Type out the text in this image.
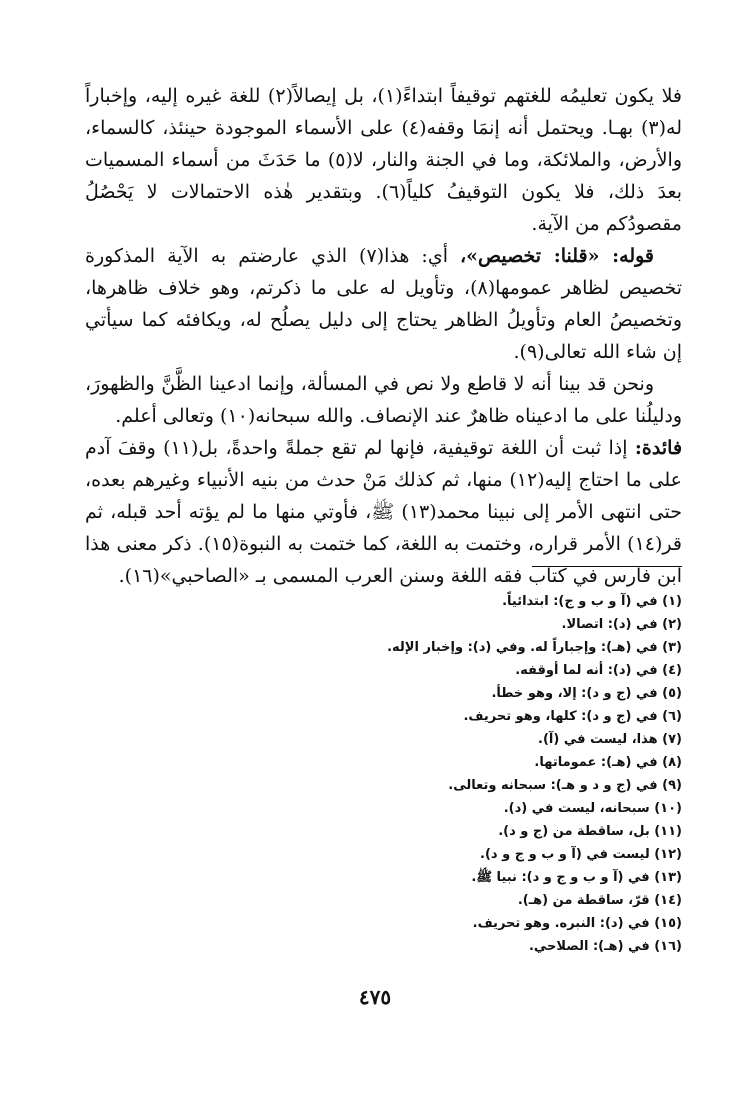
فلا يكون تعليمُه للغتهم توقيفاً ابتداءً(١)، بل إيصالاً(٢) للغة غيره إليه، وإخباراً له(٣) بهـا. ويحتمل أنه إنمَا وقفه(٤) على الأسماء الموجودة حينئذ، كالسماء، والأرض، والملائكة، وما في الجنة والنار، لا(٥) ما حَدَثَ من أسماء المسميات بعدَ ذلك، فلا يكون التوقيفُ كلياً(٦). وبتقدير هٰذه الاحتمالات لا يَحْصُلُ مقصودُكم من الآية.

قوله: «قلنا: تخصيص»، أي: هذا(٧) الذي عارضتم به الآية المذكورة تخصيص لظاهر عمومها(٨)، وتأويل له على ما ذكرتم، وهو خلاف ظاهرها، وتخصيصُ العام وتأويلُ الظاهر يحتاج إلى دليل يصلُح له، ويكافئه كما سيأتي إن شاء الله تعالى(٩).

ونحن قد بينا أنه لا قاطع ولا نص في المسألة، وإنما ادعينا الظَّنَّ والظهورَ، ودليلُنا على ما ادعيناه ظاهرٌ عند الإنصاف. والله سبحانه(١٠) وتعالى أعلم.

فائدة: إذا ثبت أن اللغة توقيفية، فإنها لم تقع جملةً واحدةً، بل(١١) وقفَ آدم على ما احتاج إليه(١٢) منها، ثم كذلك مَنْ حدث من بنيه الأنبياء وغيرهم بعده، حتى انتهى الأمر إلى نبينا محمد(١٣) ﷺ، فأوتي منها ما لم يؤته أحد قبله، ثم قر(١٤) الأمر قراره، وختمت به اللغة، كما ختمت به النبوة(١٥). ذكر معنى هذا ابن فارس في كتاب فقه اللغة وسنن العرب المسمى بـ «الصاحبي»(١٦).

(١) في (آ و ب و ج): ابتدائياً.
(٢) في (د): اتصالا.
(٣) في (هـ): وإجباراً له. وفي (د): وإخبار الإله.
(٤) في (د): أنه لما أوقفه.
(٥) في (ج و د): إلا، وهو خطأ.
(٦) في (ج و د): كلها، وهو تحريف.
(٧) هذا، ليست في (آ).
(٨) في (هـ): عموماتها.
(٩) في (ج و د و هـ): سبحانه وتعالى.
(١٠) سبحانه، ليست في (د).
(١١) بل، ساقطة من (ج و د).
(١٢) ليست في (آ و ب و ج و د).
(١٣) في (آ و ب و ج و د): نبيا ﷺ.
(١٤) قرّ، ساقطة من (هـ).
(١٥) في (د): النبره. وهو تحريف.
(١٦) في (هـ): الصلاحي.
٤٧٥
